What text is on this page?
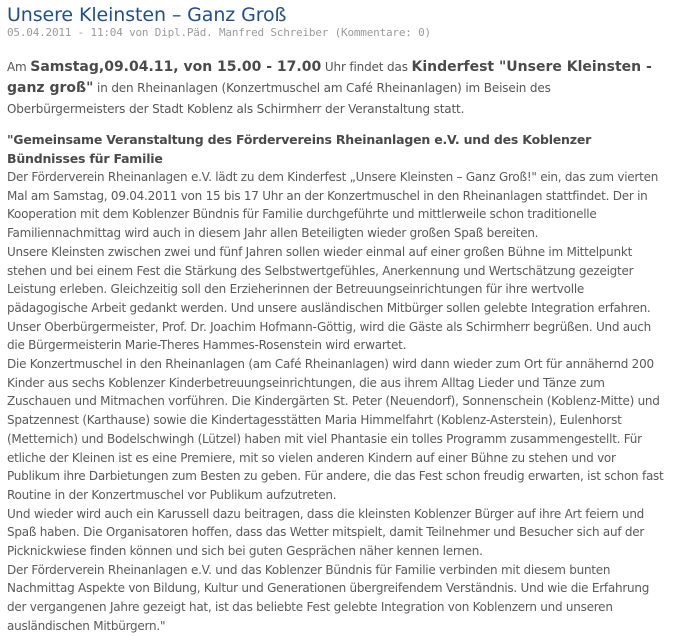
Unsere Kleinsten – Ganz Groß
05.04.2011 - 11:04 von Dipl.Päd. Manfred Schreiber (Kommentare: 0)
Am Samstag,09.04.11, von 15.00 - 17.00 Uhr findet das Kinderfest "Unsere Kleinsten - ganz groß" in den Rheinanlagen (Konzertmuschel am Café Rheinanlagen) im Beisein des Oberbürgermeisters der Stadt Koblenz als Schirmherr der Veranstaltung statt.
"Gemeinsame Veranstaltung des Fördervereins Rheinanlagen e.V. und des Koblenzer Bündnisses für Familie

Der Förderverein Rheinanlagen e.V. lädt zu dem Kinderfest „Unsere Kleinsten – Ganz Groß!" ein, das zum vierten Mal am Samstag, 09.04.2011 von 15 bis 17 Uhr an der Konzertmuschel in den Rheinanlagen stattfindet. Der in Kooperation mit dem Koblenzer Bündnis für Familie durchgeführte und mittlerweile schon traditionelle Familiennachmittag wird auch in diesem Jahr allen Beteiligten wieder großen Spaß bereiten.

Unsere Kleinsten zwischen zwei und fünf Jahren sollen wieder einmal auf einer großen Bühne im Mittelpunkt stehen und bei einem Fest die Stärkung des Selbstwertgefühles, Anerkennung und Wertschätzung gezeigter Leistung erleben. Gleichzeitig soll den Erzieherinnen der Betreuungseinrichtungen für ihre wertvolle pädagogische Arbeit gedankt werden. Und unsere ausländischen Mitbürger sollen gelebte Integration erfahren. Unser Oberbürgermeister, Prof. Dr. Joachim Hofmann-Göttig, wird die Gäste als Schirmherr begrüßen. Und auch die Bürgermeisterin Marie-Theres Hammes-Rosenstein wird erwartet.

Die Konzertmuschel in den Rheinanlagen (am Café Rheinanlagen) wird dann wieder zum Ort für annähernd 200 Kinder aus sechs Koblenzer Kinderbetreuungseinrichtungen, die aus ihrem Alltag Lieder und Tänze zum Zuschauen und Mitmachen vorführen. Die Kindergärten St. Peter (Neuendorf), Sonnenschein (Koblenz-Mitte) und Spatzennest (Karthause) sowie die Kindertagesstätten Maria Himmelfahrt (Koblenz-Asterstein), Eulenhorst (Metternich) und Bodelschwingh (Lützel) haben mit viel Phantasie ein tolles Programm zusammengestellt. Für etliche der Kleinen ist es eine Premiere, mit so vielen anderen Kindern auf einer Bühne zu stehen und vor Publikum ihre Darbietungen zum Besten zu geben. Für andere, die das Fest schon freudig erwarten, ist schon fast Routine in der Konzertmuschel vor Publikum aufzutreten.

Und wieder wird auch ein Karussell dazu beitragen, dass die kleinsten Koblenzer Bürger auf ihre Art feiern und Spaß haben. Die Organisatoren hoffen, dass das Wetter mitspielt, damit Teilnehmer und Besucher sich auf der Picknickwiese finden können und sich bei guten Gesprächen näher kennen lernen.

Der Förderverein Rheinanlagen e.V. und das Koblenzer Bündnis für Familie verbinden mit diesem bunten Nachmittag Aspekte von Bildung, Kultur und Generationen übergreifendem Verständnis. Und wie die Erfahrung der vergangenen Jahre gezeigt hat, ist das beliebte Fest gelebte Integration von Koblenzern und unseren ausländischen Mitbürgern."
